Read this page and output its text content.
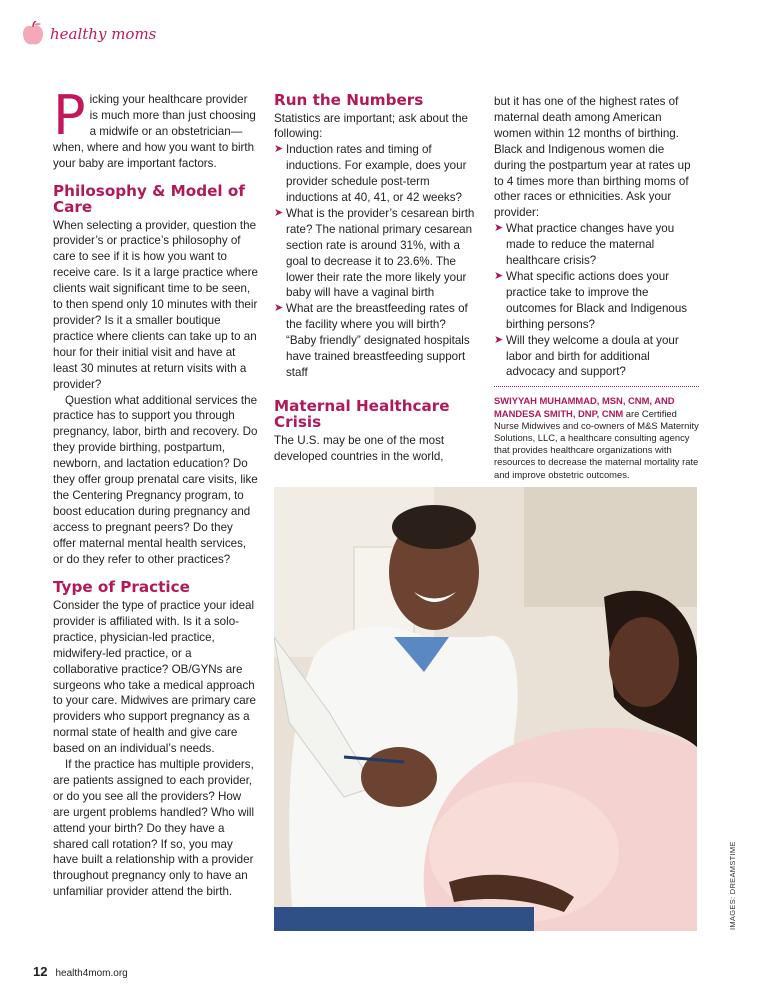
healthy moms

Picking your healthcare provider is much more than just choosing a midwife or an obstetrician—when, where and how you want to birth your baby are important factors.

Philosophy & Model of Care

When selecting a provider, question the provider’s or practice’s philosophy of care to see if it is how you want to receive care. Is it a large practice where clients wait significant time to be seen, to then spend only 10 minutes with their provider? Is it a smaller boutique practice where clients can take up to an hour for their initial visit and have at least 30 minutes at return visits with a provider?

Question what additional services the practice has to support you through pregnancy, labor, birth and recovery. Do they provide birthing, postpartum, newborn, and lactation education? Do they offer group prenatal care visits, like the Centering Pregnancy program, to boost education during pregnancy and access to pregnant peers? Do they offer maternal mental health services, or do they refer to other practices?

Type of Practice

Consider the type of practice your ideal provider is affiliated with. Is it a solo-practice, physician-led practice, midwifery-led practice, or a collaborative practice? OB/GYNs are surgeons who take a medical approach to your care. Midwives are primary care providers who support pregnancy as a normal state of health and give care based on an individual’s needs.

If the practice has multiple providers, are patients assigned to each provider, or do you see all the providers? How are urgent problems handled? Who will attend your birth? Do they have a shared call rotation? If so, you may have built a relationship with a provider throughout pregnancy only to have an unfamiliar provider attend the birth.

Run the Numbers

Statistics are important; ask about the following:

➤ Induction rates and timing of inductions. For example, does your provider schedule post-term inductions at 40, 41, or 42 weeks?
➤ What is the provider’s cesarean birth rate? The national primary cesarean section rate is around 31%, with a goal to decrease it to 23.6%. The lower their rate the more likely your baby will have a vaginal birth
➤ What are the breastfeeding rates of the facility where you will birth? “Baby friendly” designated hospitals have trained breastfeeding support staff
Maternal Healthcare Crisis

The U.S. may be one of the most developed countries in the world,

but it has one of the highest rates of maternal death among American women within 12 months of birthing. Black and Indigenous women die during the postpartum year at rates up to 4 times more than birthing moms of other races or ethnicities. Ask your provider:

➤ What practice changes have you made to reduce the maternal healthcare crisis?
➤ What specific actions does your practice take to improve the outcomes for Black and Indigenous birthing persons?
➤ Will they welcome a doula at your labor and birth for additional advocacy and support?
SWIYYAH MUHAMMAD, MSN, CNM, AND MANDESA SMITH, DNP, CNM are Certified Nurse Midwives and co-owners of M&S Maternity Solutions, LLC, a healthcare consulting agency that provides healthcare organizations with resources to decrease the maternal mortality rate and improve obstetric outcomes.
IMAGES: DREAMSTIME
12 health4mom.org
